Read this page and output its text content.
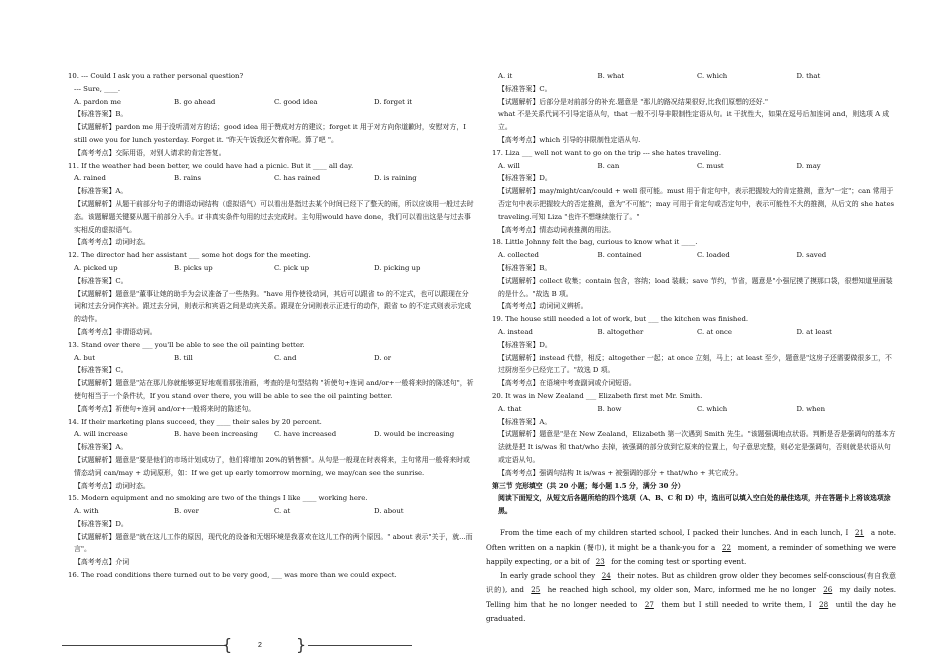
10. --- Could I ask you a rather personal question?
--- Sure, ____.
A. pardon me	B. go ahead	C. good idea	D. forget it
【标准答案】B。
【试题解析】pardon me 用于没听清对方的话；good idea 用于赞成对方的建议；forget it 用于对方向你道歉时，安慰对方，I still owe you for lunch yesterday. Forget it. "昨天午饭我还欠着你呢。算了吧 "。
【高考考点】交际用语，对别人请求的肯定答复。
11. If the weather had been better, we could have had a picnic. But it ____ all day.
A. rained	B. rains	C. has rained	D. is raining
【标准答案】A。
【试题解析】从题干前部分句子的谓语动词结构（虚拟语气）可以看出是指过去某个时间已经下了整天的雨，所以应该用一般过去时态。该题解题关键要从题干前部分入手。if 非真实条件句用的过去完成时。主句用would have done，我们可以看出这是与过去事实相反的虚拟语气。
【高考考点】动词时态。
12. The director had her assistant ___ some hot dogs for the meeting.
A. picked up	B. picks up	C. pick up	D. picking up
【标准答案】C。
【试题解析】题意是"董事让她的助手为会议准备了一些热狗。"have 用作使役动词，其后可以跟省 to 的不定式，也可以跟现在分词和过去分词作宾补。跟过去分词，则表示和宾语之间是动宾关系。跟现在分词则表示正进行的动作，跟省 to 的不定式则表示完成的动作。
【高考考点】非谓语动词。
13. Stand over there ___ you'll be able to see the oil painting better.
A. but	B. till	C. and	D. or
【标准答案】C。
【试题解析】题意是"站在那儿你就能够更好地观看那张油画，考查的是句型结构 "祈使句+连词 and/or+一般将来时的陈述句"，祈使句相当于一个条件状，If you stand over there, you will be able to see the oil painting better.
【高考考点】祈使句+连词 and/or+一般将来时的陈述句。
14. If their marketing plans succeed, they ____ their sales by 20 percent.
A. will increase	B. have been increasing	C. have increased	D. would be increasing
【标准答案】A。
【试题解析】题意是"要是他们的市场计划成功了，他们将增加 20%的销售额"。从句是一般现在时表将来，主句常用一般将来时或情态动词 can/may + 动词原形，如：If we get up early tomorrow morning, we may/can see the sunrise.
【高考考点】动词时态。
15. Modern equipment and no smoking are two of the things I like ____ working here.
A. with	B. over	C. at	D. about
【标准答案】D。
【试题解析】题意是"就在这儿工作的原因，现代化的设备和无烟环境是我喜欢在这儿工作的两个原因。" about 表示"关于，就...而言"。
【高考考点】介词
16. The road conditions there turned out to be very good, ___ was more than we could expect.
A. it	B. what	C. which	D. that
【标准答案】C。
【试题解析】后部分是对前部分的补充.题意是 "那儿的路况结果很好,比我们原想的还好."
what 不是关系代词不引导定语从句，that 一般不引导非限制性定语从句。it 干扰性大，如果在逗号后加连词 and，则选项 A 成立。
【高考考点】which 引导的非限制性定语从句.
17. Liza ___ well not want to go on the trip --- she hates traveling.
A. will	B. can	C. must	D. may
【标准答案】D。
【试题解析】may/might/can/could + well 很可能。must 用于肯定句中，表示把握较大的肯定推测，意为"一定"；can 常用于否定句中表示把握较大的否定推测，意为"不可能"；may 可用于肯定句或否定句中，表示可能性不大的推测，从后文的 she hates traveling.可知 Liza "也许不想继续旅行了。"
【高考考点】情态动词表推测的用法。
18. Little Johnny felt the bag, curious to know what it ____.
A. collected	B. contained	C. loaded	D. saved
【标准答案】B。
【试题解析】collect 收集；contain 包含，容纳；load 装载；save 节约，节省，题意是"小强尼摸了摸那口袋，很想知道里面装的是什么。"故选 B 项。
【高考考点】动词词义辨析。
19. The house still needed a lot of work, but ___ the kitchen was finished.
A. instead	B. altogether	C. at once	D. at least
【标准答案】D。
【试题解析】instead 代替，相反；altogether 一起；at once 立刻，马上；at least 至少，题意是"这房子还需要做很多工，不过厨房至少已经完工了。"故选 D 项。
【高考考点】在语境中考查副词或介词短语。
20. It was in New Zealand ___ Elizabeth first met Mr. Smith.
A. that	B. how	C. which	D. when
【标准答案】A。
【试题解析】题意是"是在 New Zealand，Elizabeth 第一次遇到 Smith 先生。"该题强调地点状语。判断是否是强调句的基本方法就是把 It is/was 和 that/who 去掉，被强调的部分放到它原来的位置上，句子意思完整，则必定是强调句，否则就是状语从句或定语从句。
【高考考点】强调句结构 It is/was + 被强调的部分 + that/who + 其它成分。
第三节 完形填空（共 20 小题；每小题 1.5 分，满分 30 分）
阅读下面短文，从短文后各题所给的四个选项（A、B、C 和 D）中，选出可以填入空白处的最佳选项，并在答题卡上将该选项涂黑。

From the time each of my children started school, I packed their lunches. And in each lunch, I 21 a note. Often written on a napkin (餐巾), it might be a thank-you for a 22 moment, a reminder of something we were happily expecting, or a bit of 23 for the coming test or sporting event.

In early grade school they 24 their notes. But as children grow older they becomes self-conscious(有自我意识的), and 25 he reached high school, my older son, Marc, informed me he no longer 26 my daily notes. Telling him that he no longer needed to 27 them but I still needed to write them, I 28 until the day he graduated.

{	2 }
